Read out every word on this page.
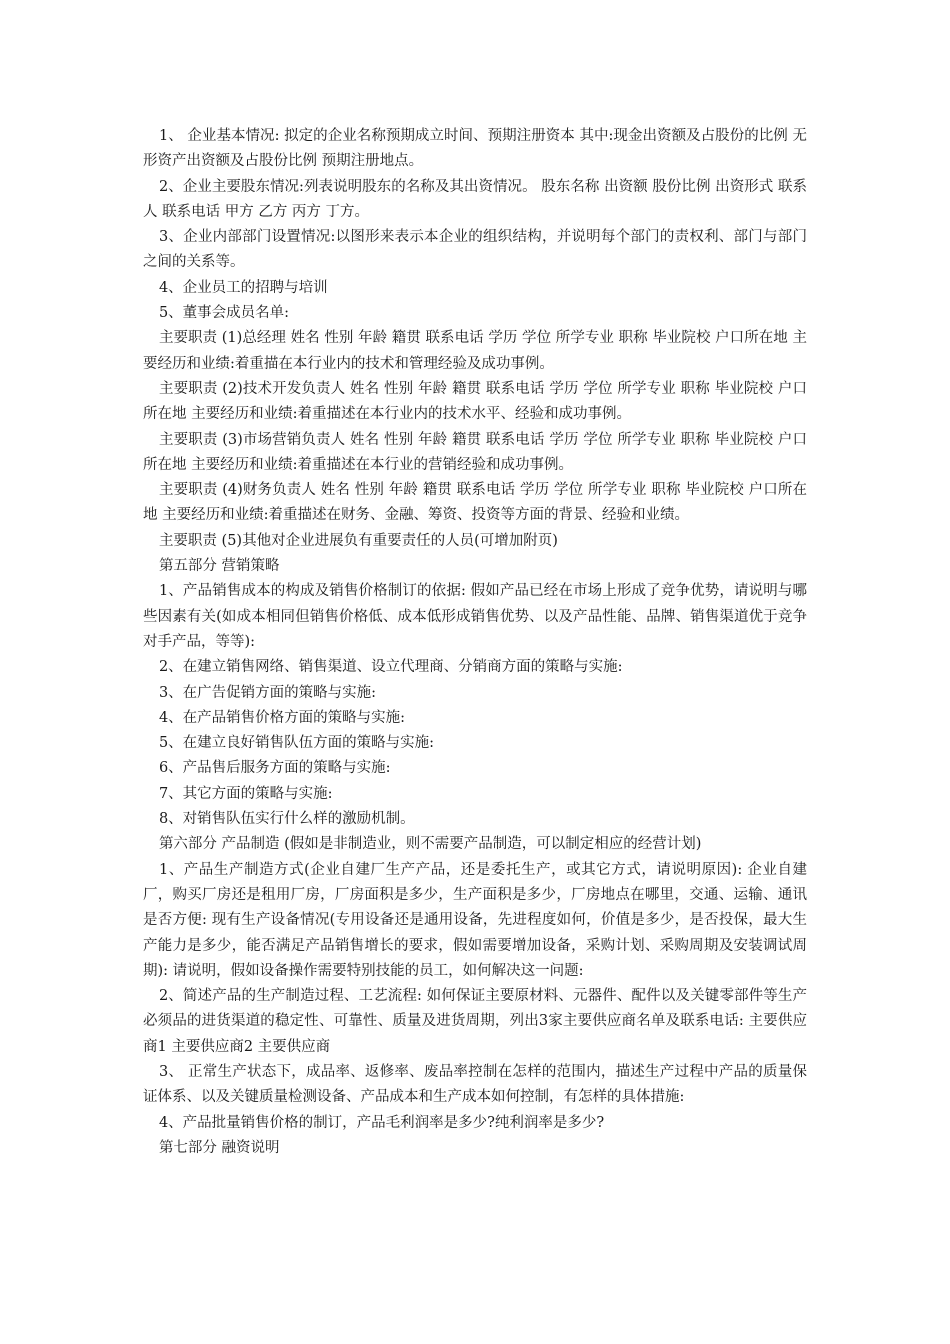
1、 企业基本情况: 拟定的企业名称预期成立时间、预期注册资本 其中:现金出资额及占股份的比例 无形资产出资额及占股份比例 预期注册地点。

2、企业主要股东情况:列表说明股东的名称及其出资情况。 股东名称 出资额 股份比例 出资形式 联系人 联系电话 甲方 乙方 丙方 丁方。

3、企业内部部门设置情况:以图形来表示本企业的组织结构，并说明每个部门的责权利、部门与部门之间的关系等。

4、企业员工的招聘与培训

5、董事会成员名单:

主要职责 (1)总经理 姓名 性别 年龄 籍贯 联系电话 学历 学位 所学专业 职称 毕业院校 户口所在地 主要经历和业绩:着重描在本行业内的技术和管理经验及成功事例。

主要职责 (2)技术开发负责人 姓名 性别 年龄 籍贯 联系电话 学历 学位 所学专业 职称 毕业院校 户口所在地 主要经历和业绩:着重描述在本行业内的技术水平、经验和成功事例。

主要职责 (3)市场营销负责人 姓名 性别 年龄 籍贯 联系电话 学历 学位 所学专业 职称 毕业院校 户口所在地 主要经历和业绩:着重描述在本行业的营销经验和成功事例。

主要职责 (4)财务负责人 姓名 性别 年龄 籍贯 联系电话 学历 学位 所学专业 职称 毕业院校 户口所在地 主要经历和业绩:着重描述在财务、金融、筹资、投资等方面的背景、经验和业绩。

主要职责 (5)其他对企业进展负有重要责任的人员(可增加附页)

第五部分 营销策略

1、产品销售成本的构成及销售价格制订的依据: 假如产品已经在市场上形成了竞争优势，请说明与哪些因素有关(如成本相同但销售价格低、成本低形成销售优势、以及产品性能、品牌、销售渠道优于竞争对手产品，等等):

2、在建立销售网络、销售渠道、设立代理商、分销商方面的策略与实施:

3、在广告促销方面的策略与实施:

4、在产品销售价格方面的策略与实施:

5、在建立良好销售队伍方面的策略与实施:

6、产品售后服务方面的策略与实施:

7、其它方面的策略与实施:

8、对销售队伍实行什么样的激励机制。

第六部分 产品制造 (假如是非制造业，则不需要产品制造，可以制定相应的经营计划)

1、产品生产制造方式(企业自建厂生产产品，还是委托生产，或其它方式，请说明原因): 企业自建厂，购买厂房还是租用厂房，厂房面积是多少，生产面积是多少，厂房地点在哪里，交通、运输、通讯是否方便: 现有生产设备情况(专用设备还是通用设备，先进程度如何，价值是多少，是否投保，最大生产能力是多少，能否满足产品销售增长的要求，假如需要增加设备，采购计划、采购周期及安装调试周期): 请说明，假如设备操作需要特别技能的员工，如何解决这一问题:

2、简述产品的生产制造过程、工艺流程: 如何保证主要原材料、元器件、配件以及关键零部件等生产必须品的进货渠道的稳定性、可靠性、质量及进货周期，列出3家主要供应商名单及联系电话: 主要供应商1 主要供应商2 主要供应商

3、 正常生产状态下，成品率、返修率、废品率控制在怎样的范围内，描述生产过程中产品的质量保证体系、以及关键质量检测设备、产品成本和生产成本如何控制，有怎样的具体措施:

4、产品批量销售价格的制订，产品毛利润率是多少?纯利润率是多少?

第七部分 融资说明
